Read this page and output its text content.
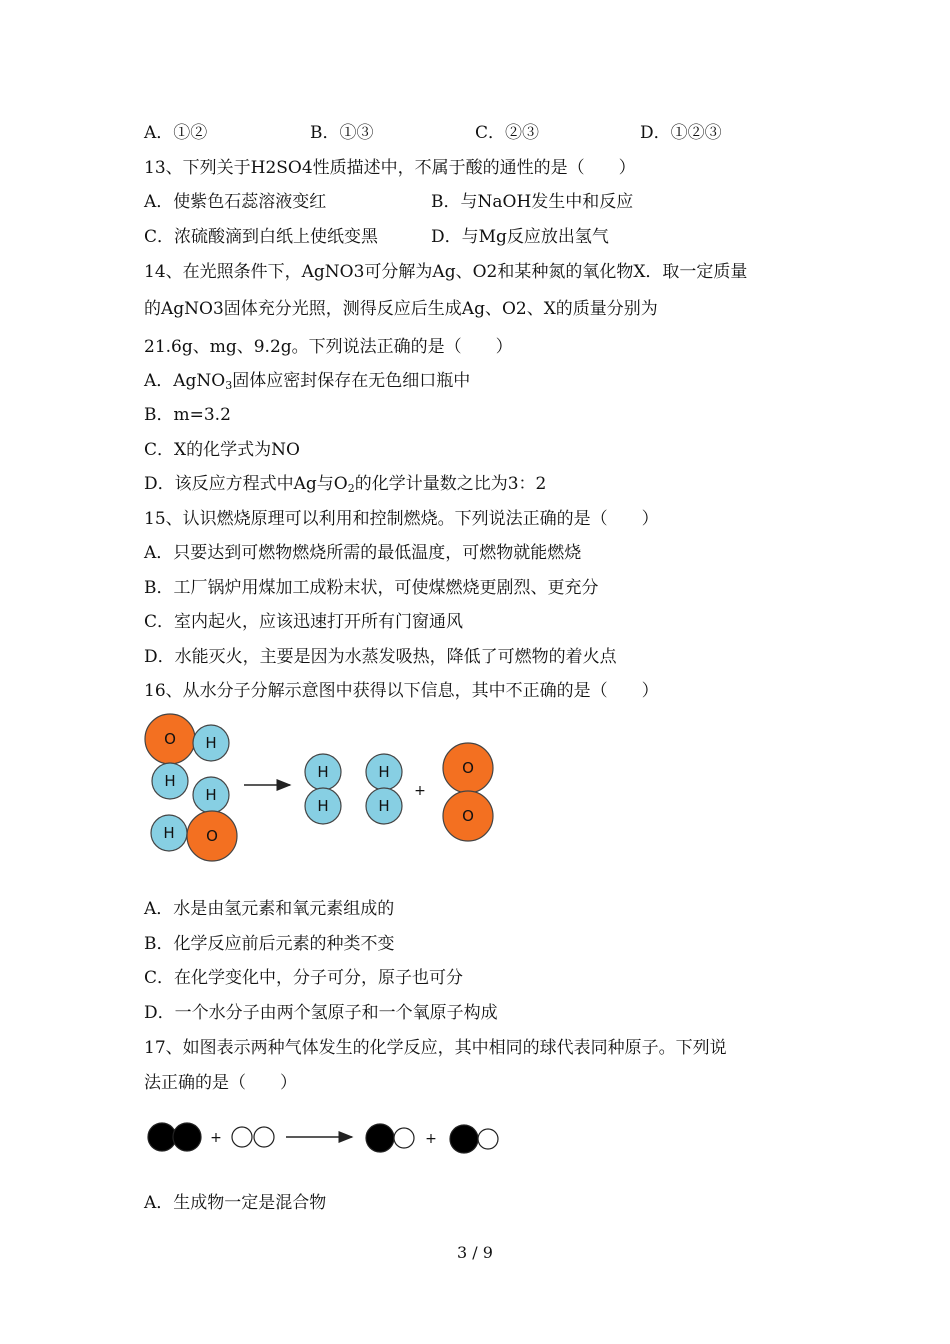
A．①②	B．①③	C．②③	D．①②③
13、下列关于H2SO4性质描述中，不属于酸的通性的是（　　）
A．使紫色石蕊溶液变红	B．与NaOH发生中和反应
C．浓硫酸滴到白纸上使纸变黑	D．与Mg反应放出氢气
14、在光照条件下，AgNO3可分解为Ag、O2和某种氮的氧化物X．取一定质量
的AgNO3固体充分光照，测得反应后生成Ag、O2、X的质量分别为
21.6g、mg、9.2g。下列说法正确的是（　　）
A．AgNO$_3$固体应密封保存在无色细口瓶中
B．m=3.2
C．X的化学式为NO
D．该反应方程式中Ag与$O_2$的化学计量数之比为3：2
15、认识燃烧原理可以利用和控制燃烧。下列说法正确的是（　　）
A．只要达到可燃物燃烧所需的最低温度，可燃物就能燃烧
B．工厂锅炉用煤加工成粉末状，可使煤燃烧更剧烈、更充分
C．室内起火，应该迅速打开所有门窗通风
D．水能灭火，主要是因为水蒸发吸热，降低了可燃物的着火点
16、从水分子分解示意图中获得以下信息，其中不正确的是（　　）
O H
H
H
H O
H
H
H
H
+
O
O
A．水是由氢元素和氧元素组成的
B．化学反应前后元素的种类不变
C．在化学变化中，分子可分，原子也可分
D．一个水分子由两个氢原子和一个氧原子构成
17、如图表示两种气体发生的化学反应，其中相同的球代表同种原子。下列说
法正确的是（　　）
+	+
A．生成物一定是混合物
3 / 9
